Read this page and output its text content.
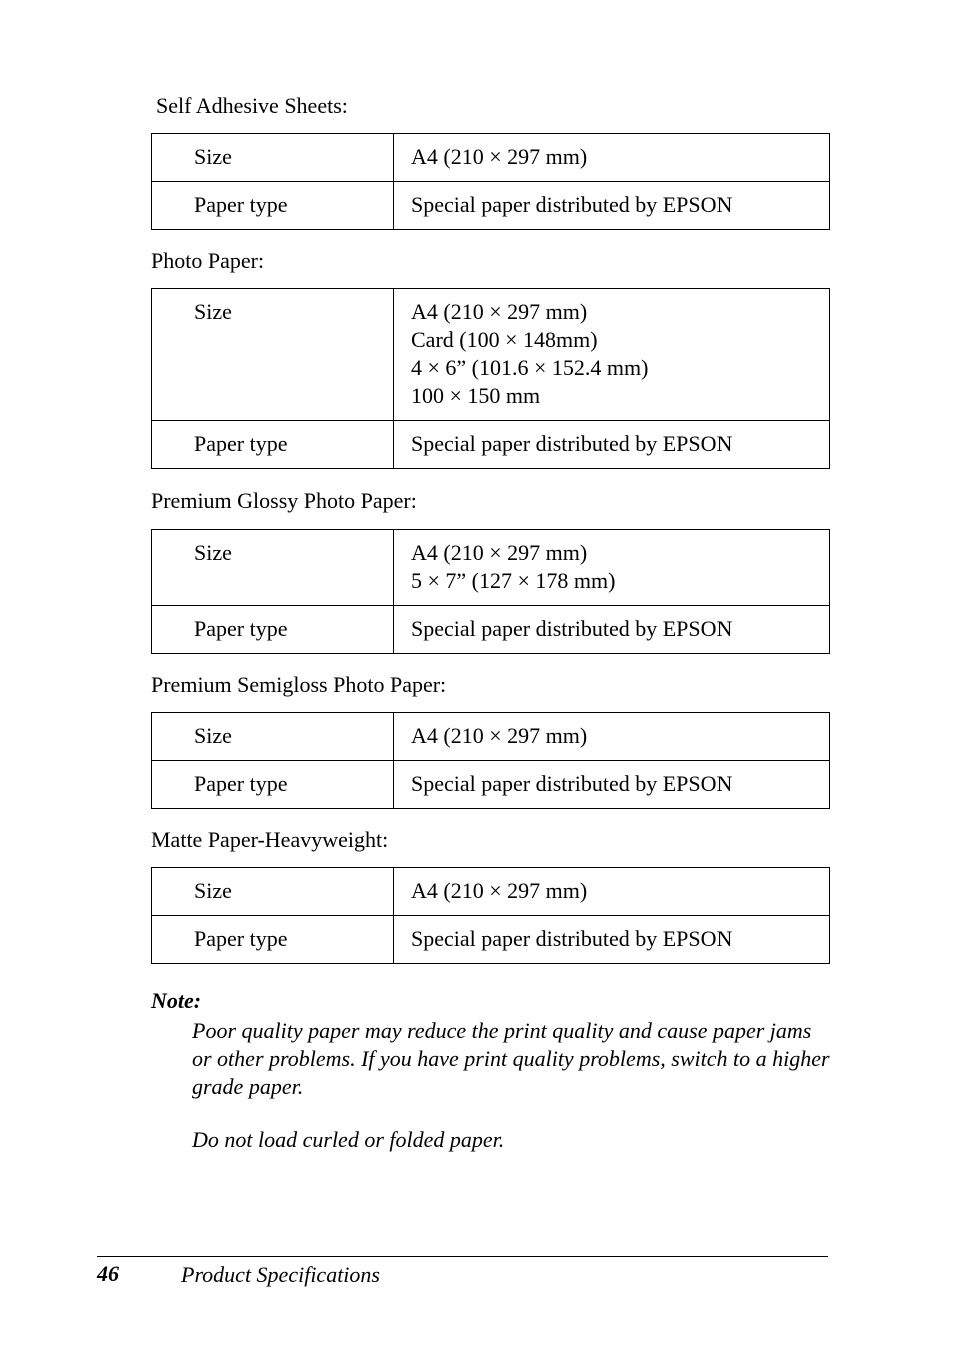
Self Adhesive Sheets:
Size	A4 (210 × 297 mm)

Paper type	Special paper distributed by EPSON
Photo Paper:
Size	A4 (210 × 297 mm)
Card (100 × 148mm)
4 × 6” (101.6 × 152.4 mm)
100 × 150 mm

Paper type	Special paper distributed by EPSON
Premium Glossy Photo Paper:
Size	A4 (210 × 297 mm)
5 × 7” (127 × 178 mm)

Paper type	Special paper distributed by EPSON
Premium Semigloss Photo Paper:
Size	A4 (210 × 297 mm)

Paper type	Special paper distributed by EPSON
Matte Paper-Heavyweight:
Size	A4 (210 × 297 mm)

Paper type	Special paper distributed by EPSON
Note:

Poor quality paper may reduce the print quality and cause paper jams or other problems. If you have print quality problems, switch to a higher grade paper.

Do not load curled or folded paper.

46	Product Specifications
